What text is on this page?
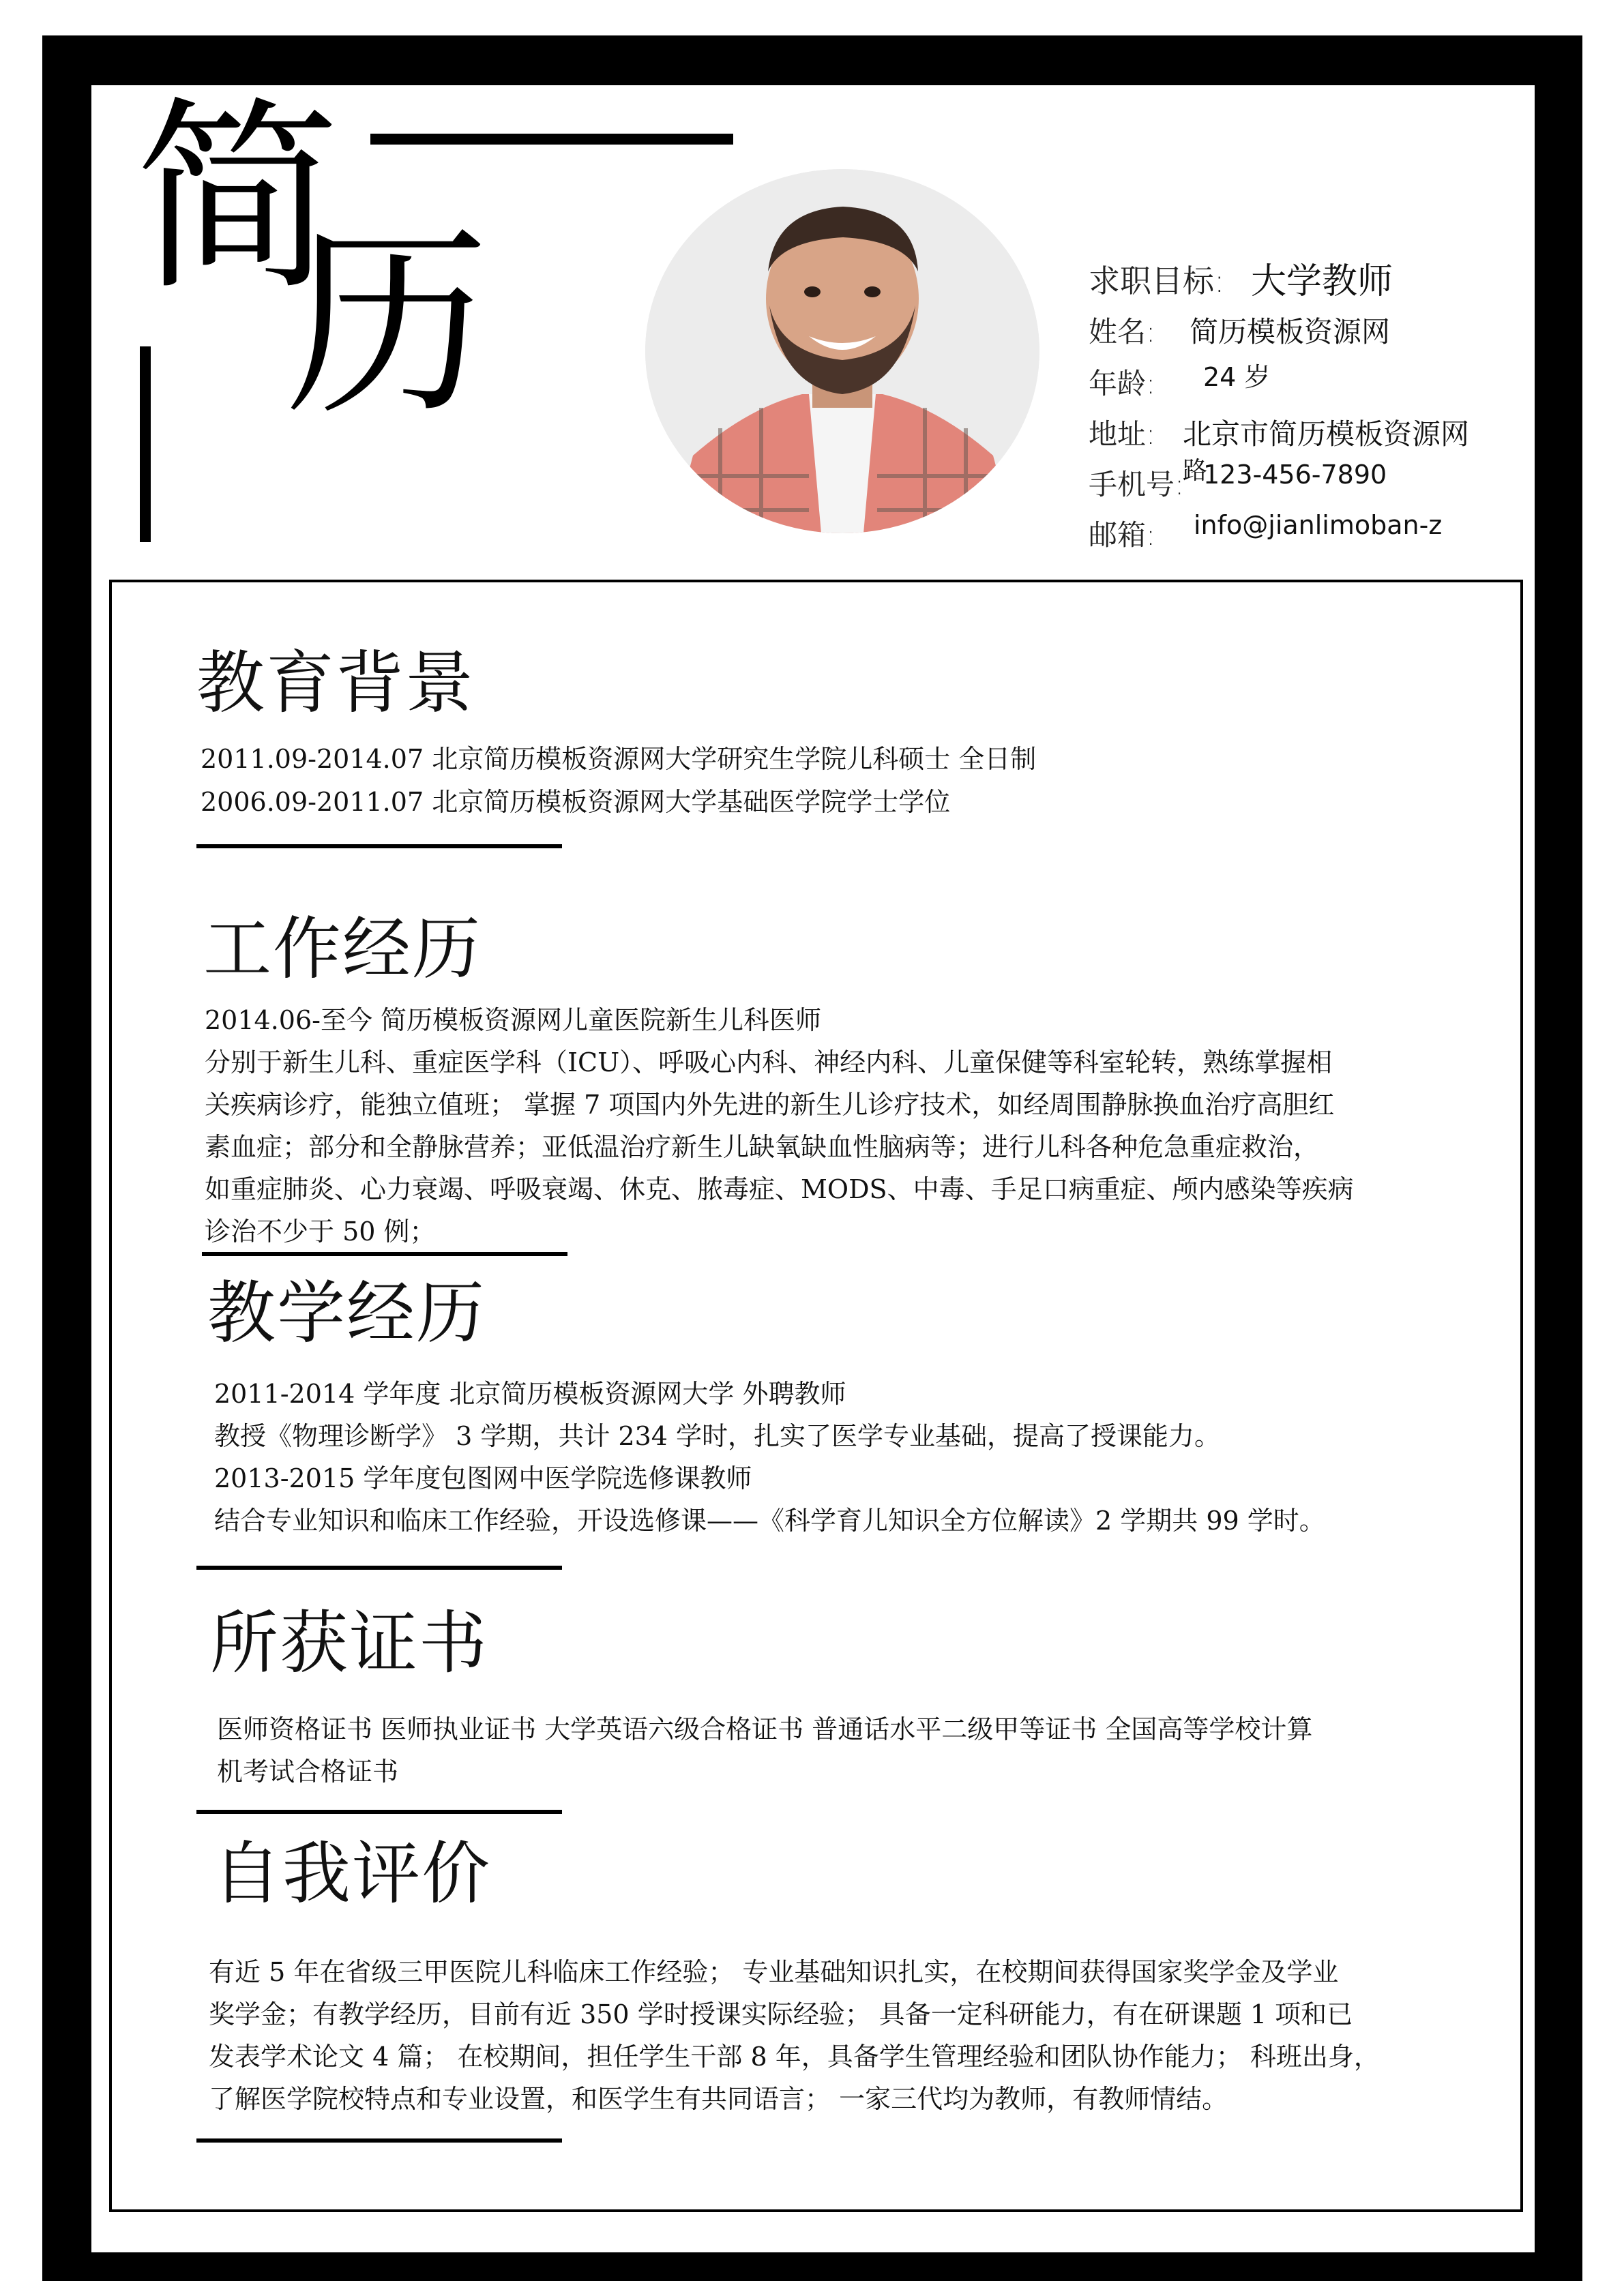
简
历	求职目标: 大学教师
姓名: 简历模板资源网
年龄: 24 岁
地址: 北京市简历模板资源网
路
手机号: 123-456-7890
邮箱: info@jianlimoban-z
教育背景
2011.09-2014.07 北京简历模板资源网大学研究生学院儿科硕士 全日制
2006.09-2011.07 北京简历模板资源网大学基础医学院学士学位
工作经历
2014.06-至今 简历模板资源网儿童医院新生儿科医师
分别于新生儿科、重症医学科（ICU）、呼吸心内科、神经内科、儿童保健等科室轮转，熟练掌握相
关疾病诊疗，能独立值班； 掌握 7 项国内外先进的新生儿诊疗技术，如经周围静脉换血治疗高胆红
素血症；部分和全静脉营养；亚低温治疗新生儿缺氧缺血性脑病等；进行儿科各种危急重症救治，
如重症肺炎、心力衰竭、呼吸衰竭、休克、脓毒症、MODS、中毒、手足口病重症、颅内感染等疾病
诊治不少于 50 例；
教学经历
2011-2014 学年度 北京简历模板资源网大学 外聘教师
教授《物理诊断学》 3 学期，共计 234 学时，扎实了医学专业基础，提高了授课能力。
2013-2015 学年度包图网中医学院选修课教师
结合专业知识和临床工作经验，开设选修课——《科学育儿知识全方位解读》2 学期共 99 学时。
所获证书
医师资格证书 医师执业证书 大学英语六级合格证书 普通话水平二级甲等证书 全国高等学校计算
机考试合格证书
自我评价
有近 5 年在省级三甲医院儿科临床工作经验； 专业基础知识扎实，在校期间获得国家奖学金及学业
奖学金；有教学经历，目前有近 350 学时授课实际经验； 具备一定科研能力，有在研课题 1 项和已
发表学术论文 4 篇； 在校期间，担任学生干部 8 年，具备学生管理经验和团队协作能力； 科班出身，
了解医学院校特点和专业设置，和医学生有共同语言； 一家三代均为教师，有教师情结。
